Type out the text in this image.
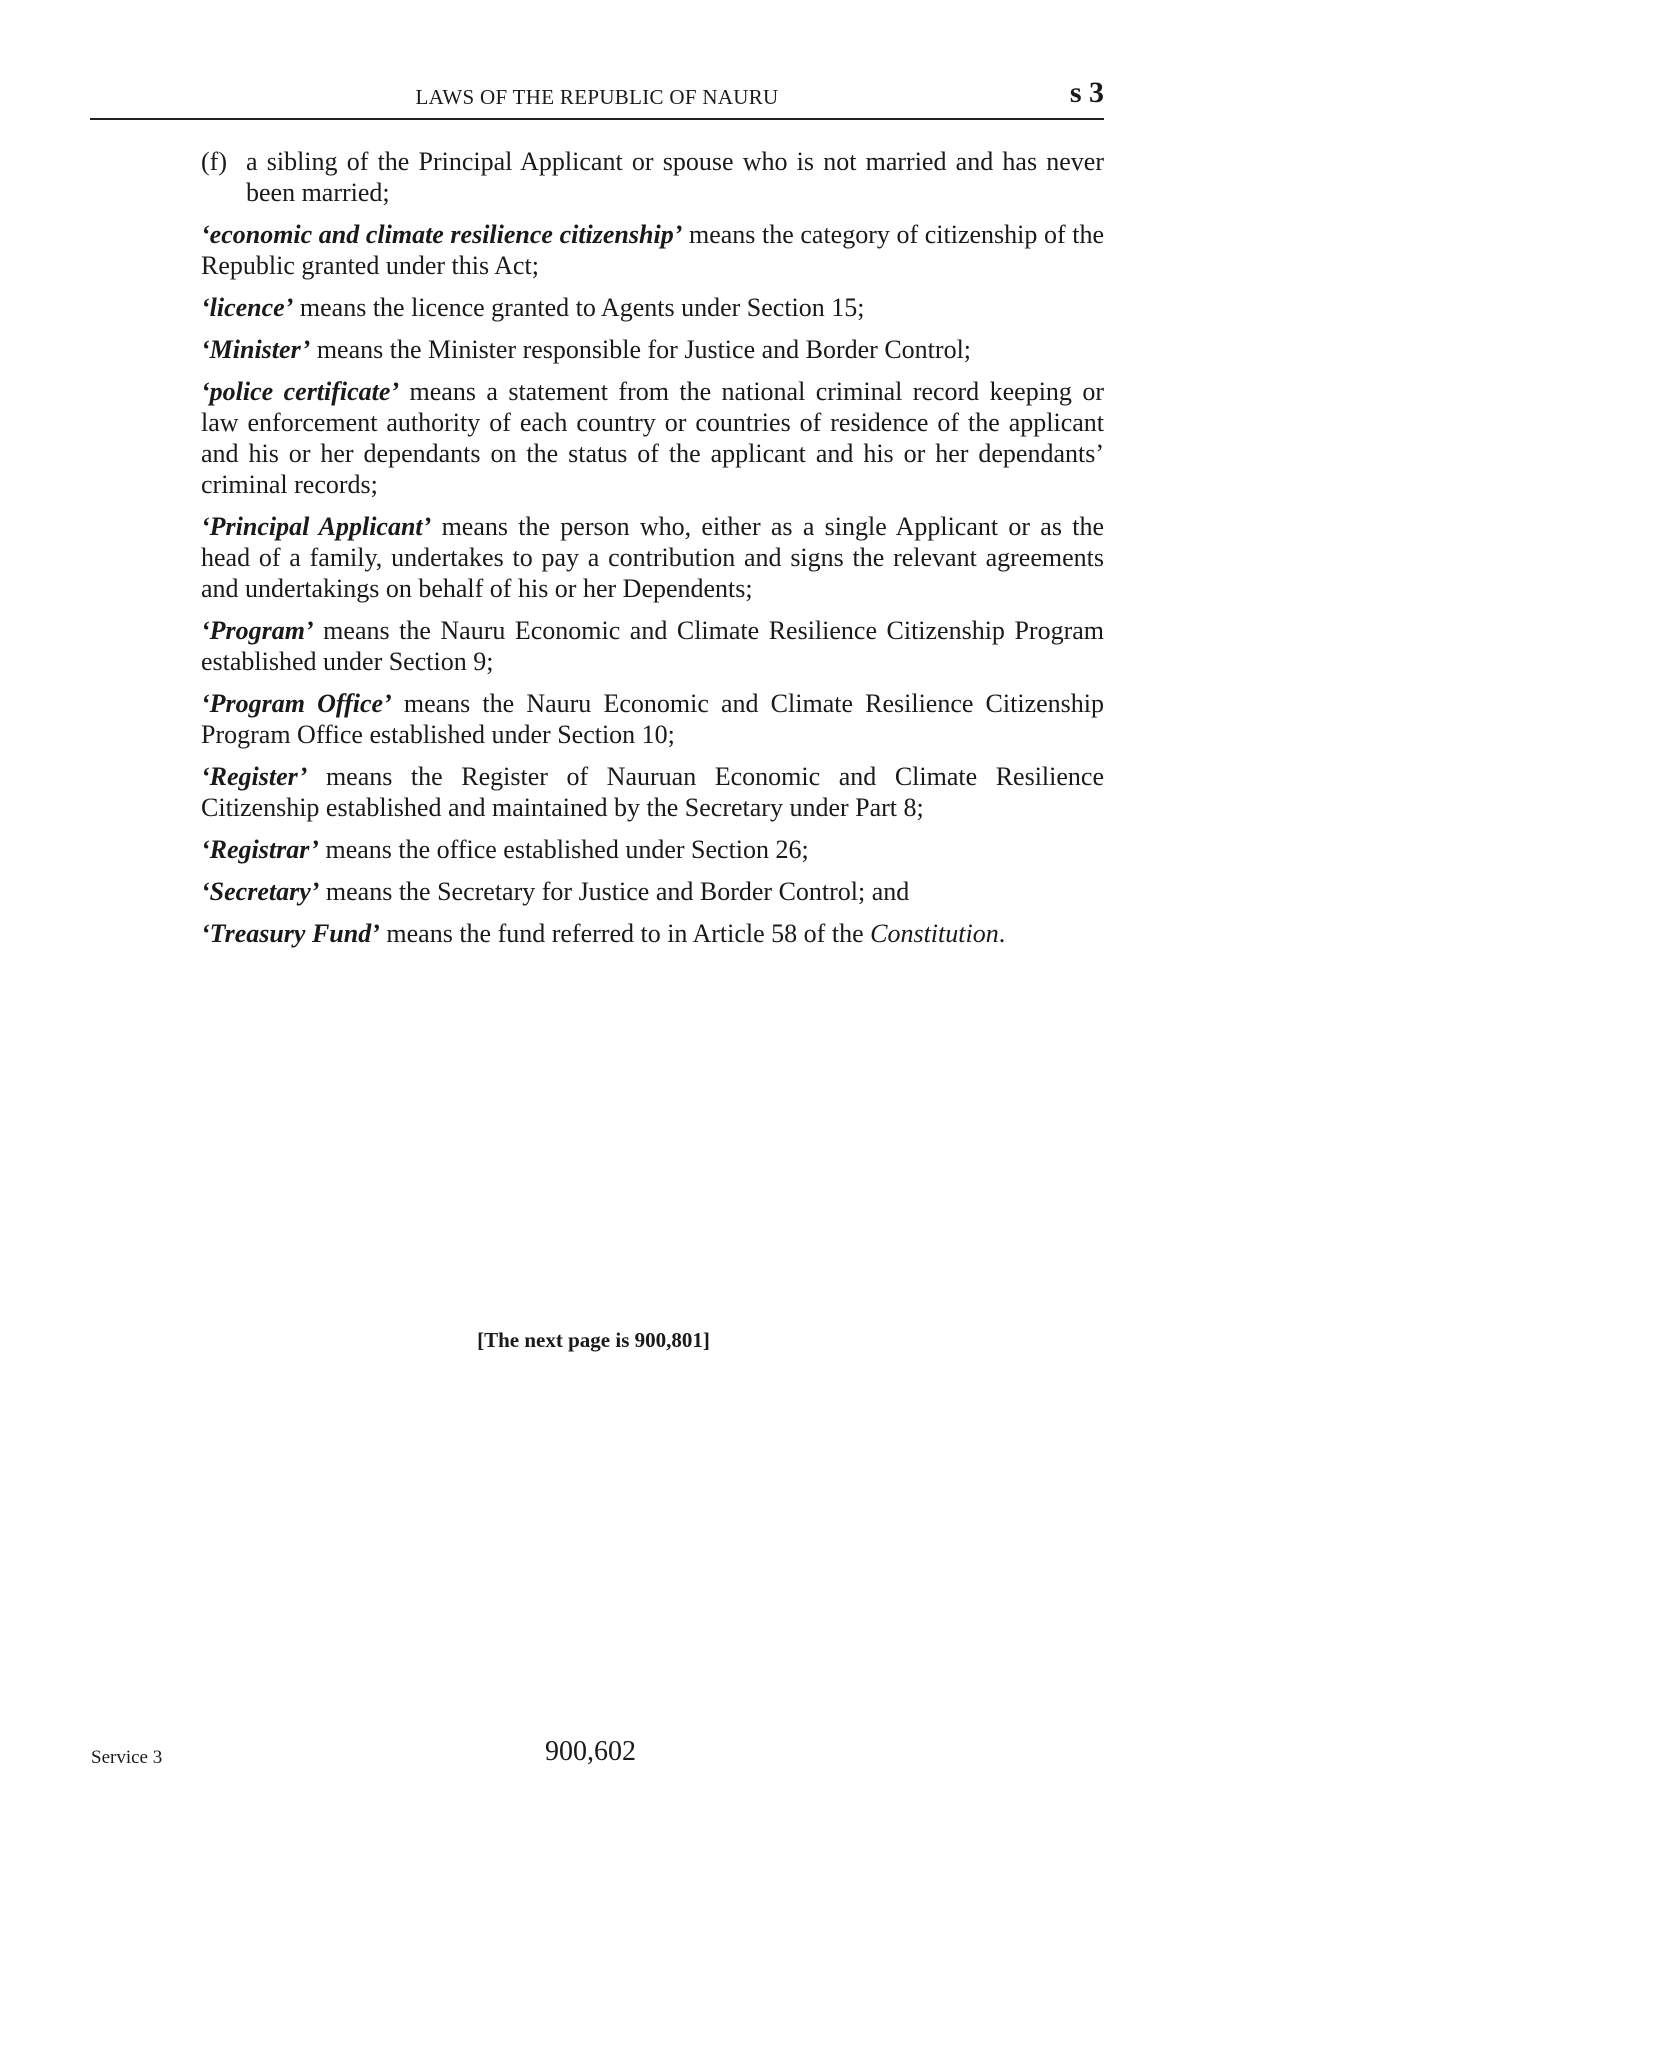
LAWS OF THE REPUBLIC OF NAURU	s 3
(f) a sibling of the Principal Applicant or spouse who is not married and has never been married;

‘economic and climate resilience citizenship’ means the category of citizenship of the Republic granted under this Act;

‘licence’ means the licence granted to Agents under Section 15;

‘Minister’ means the Minister responsible for Justice and Border Control;

‘police certificate’ means a statement from the national criminal record keeping or law enforcement authority of each country or countries of residence of the applicant and his or her dependants on the status of the applicant and his or her dependants’ criminal records;

‘Principal Applicant’ means the person who, either as a single Applicant or as the head of a family, undertakes to pay a contribution and signs the relevant agreements and undertakings on behalf of his or her Dependents;

‘Program’ means the Nauru Economic and Climate Resilience Citizenship Program established under Section 9;

‘Program Office’ means the Nauru Economic and Climate Resilience Citizenship Program Office established under Section 10;

‘Register’ means the Register of Nauruan Economic and Climate Resilience Citizenship established and maintained by the Secretary under Part 8;

‘Registrar’ means the office established under Section 26;

‘Secretary’ means the Secretary for Justice and Border Control; and

‘Treasury Fund’ means the fund referred to in Article 58 of the Constitution.

[The next page is 900,801]
Service 3	900,602
